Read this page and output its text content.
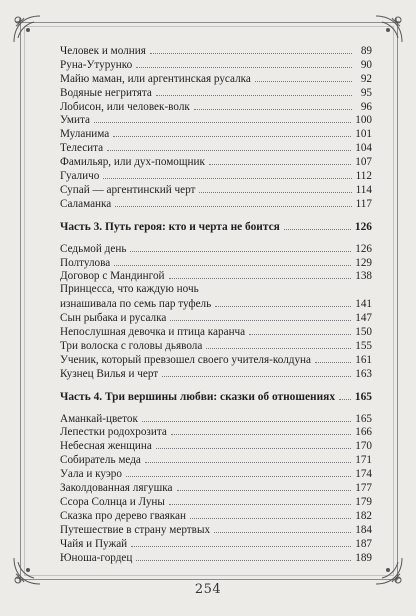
Человек и молния	89
Руна-Утурунко	90
Майю маман, или аргентинская русалка	92
Водяные негритята	95
Лобисон, или человек-волк	96
Умита	100
Муланима	101
Телесита	104
Фамильяр, или дух-помощник	107
Гуаличо	112
Супай — аргентинский черт	114
Саламанка	117
Часть 3. Путь героя: кто и черта не боится	126
Седьмой день	126
Полтулова	129
Договор с Мандингой	138
Принцесса, что каждую ночь
изнашивала по семь пар туфель	141
Сын рыбака и русалка	147
Непослушная девочка и птица каранча	150
Три волоска с головы дьявола	155
Ученик, который превзошел своего учителя-колдуна	161
Кузнец Вилья и черт	163
Часть 4. Три вершины любви: сказки об отношениях 165
Аманкай-цветок	165
Лепестки родохрозита	166
Небесная женщина	170
Собиратель меда	171
Уала и куэро	174
Заколдованная лягушка	177
Ссора Солнца и Луны	179
Сказка про дерево гваякан	182
Путешествие в страну мертвых	184
Чайя и Пужай	187
Юноша-гордец	189
254
